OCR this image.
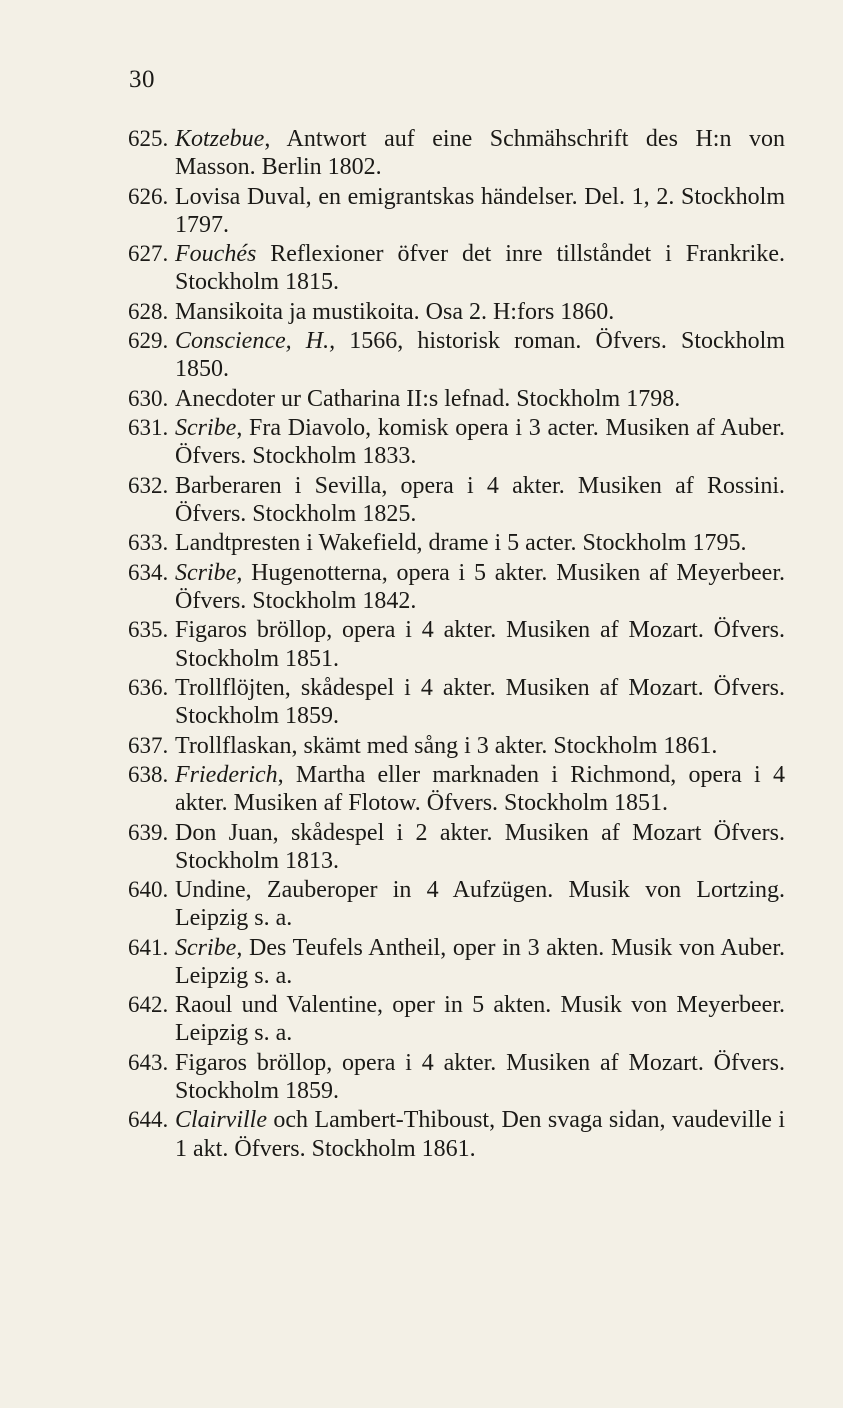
30

625. Kotzebue, Antwort auf eine Schmähschrift des H:n von Masson. Berlin 1802.

626. Lovisa Duval, en emigrantskas händelser. Del. 1, 2. Stockholm 1797.

627. Fouchés Reflexioner öfver det inre tillståndet i Frankrike. Stockholm 1815.

628. Mansikoita ja mustikoita. Osa 2. H:fors 1860.

629. Conscience, H., 1566, historisk roman. Öfvers. Stockholm 1850.

630. Anecdoter ur Catharina II:s lefnad. Stockholm 1798.

631. Scribe, Fra Diavolo, komisk opera i 3 acter. Musiken af Auber. Öfvers. Stockholm 1833.

632. Barberaren i Sevilla, opera i 4 akter. Musiken af Rossini. Öfvers. Stockholm 1825.

633. Landtpresten i Wakefield, drame i 5 acter. Stockholm 1795.

634. Scribe, Hugenotterna, opera i 5 akter. Musiken af Meyerbeer. Öfvers. Stockholm 1842.

635. Figaros bröllop, opera i 4 akter. Musiken af Mozart. Öfvers. Stockholm 1851.

636. Trollflöjten, skådespel i 4 akter. Musiken af Mozart. Öfvers. Stockholm 1859.

637. Trollflaskan, skämt med sång i 3 akter. Stockholm 1861.

638. Friederich, Martha eller marknaden i Richmond, opera i 4 akter. Musiken af Flotow. Öfvers. Stockholm 1851.

639. Don Juan, skådespel i 2 akter. Musiken af Mozart Öfvers. Stockholm 1813.

640. Undine, Zauberoper in 4 Aufzügen. Musik von Lortzing. Leipzig s. a.

641. Scribe, Des Teufels Antheil, oper in 3 akten. Musik von Auber. Leipzig s. a.

642. Raoul und Valentine, oper in 5 akten. Musik von Meyerbeer. Leipzig s. a.

643. Figaros bröllop, opera i 4 akter. Musiken af Mozart. Öfvers. Stockholm 1859.

644. Clairville och Lambert-Thiboust, Den svaga sidan, vaudeville i 1 akt. Öfvers. Stockholm 1861.
